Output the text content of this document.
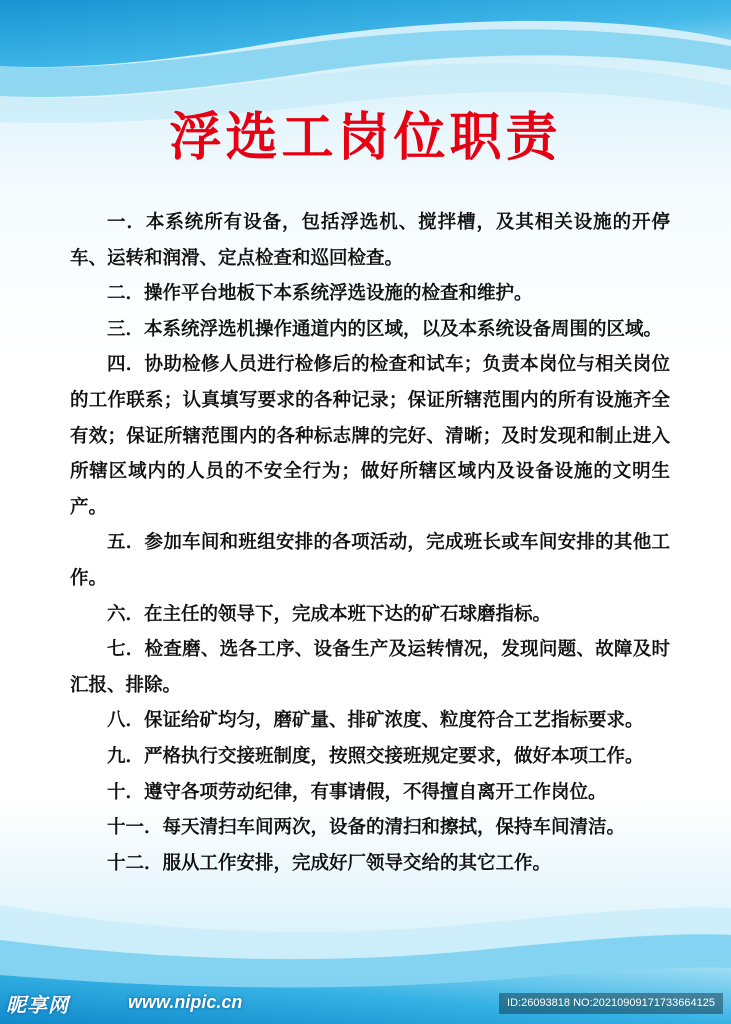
浮选工岗位职责
一．本系统所有设备，包括浮选机、搅拌槽，及其相关设施的开停车、运转和润滑、定点检查和巡回检查。
二．操作平台地板下本系统浮选设施的检查和维护。
三．本系统浮选机操作通道内的区域，以及本系统设备周围的区域。
四．协助检修人员进行检修后的检查和试车；负责本岗位与相关岗位的工作联系；认真填写要求的各种记录；保证所辖范围内的所有设施齐全有效；保证所辖范围内的各种标志牌的完好、清晰；及时发现和制止进入所辖区域内的人员的不安全行为；做好所辖区域内及设备设施的文明生产。
五．参加车间和班组安排的各项活动，完成班长或车间安排的其他工作。
六．在主任的领导下，完成本班下达的矿石球磨指标。
七．检查磨、选各工序、设备生产及运转情况，发现问题、故障及时汇报、排除。
八．保证给矿均匀，磨矿量、排矿浓度、粒度符合工艺指标要求。
九．严格执行交接班制度，按照交接班规定要求，做好本项工作。
十．遵守各项劳动纪律，有事请假，不得擅自离开工作岗位。
十一．每天清扫车间两次，设备的清扫和擦拭，保持车间清洁。
十二．服从工作安排，完成好厂领导交给的其它工作。
昵享网	www.nipic.cn	ID:26093818 NO:20210909171733664125
